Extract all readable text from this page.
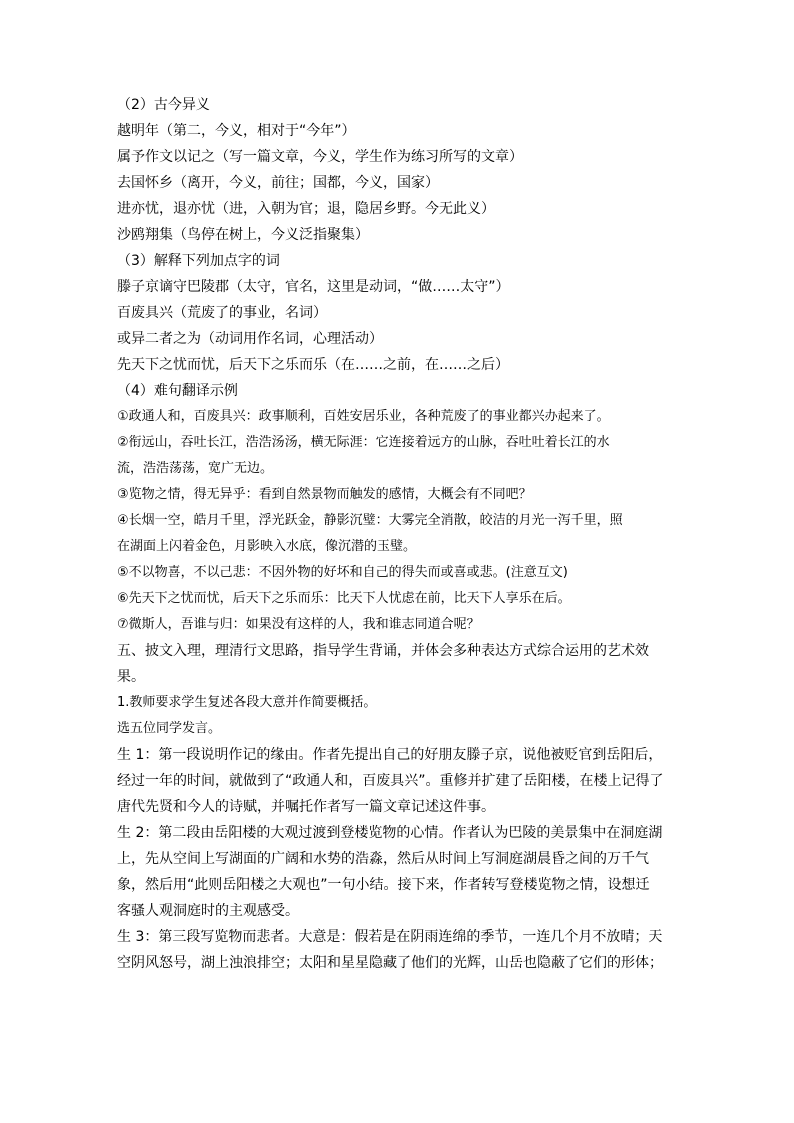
（2）古今异义
越明年（第二，今义，相对于“今年”）
属予作文以记之（写一篇文章，今义，学生作为练习所写的文章）
去国怀乡（离开，今义，前往；国都，今义，国家）
进亦忧，退亦忧（进，入朝为官；退，隐居乡野。今无此义）
沙鸥翔集（鸟停在树上，今义泛指聚集）
（3）解释下列加点字的词
滕子京谪守巴陵郡（太守，官名，这里是动词，“做……太守”）
百废具兴（荒废了的事业，名词）
或异二者之为（动词用作名词，心理活动）
先天下之忧而忧，后天下之乐而乐（在……之前，在……之后）
（4）难句翻译示例
①政通人和，百废具兴：政事顺利，百姓安居乐业，各种荒废了的事业都兴办起来了。
②衔远山，吞吐长江，浩浩汤汤，横无际涯：它连接着远方的山脉，吞吐吐着长江的水
流，浩浩荡荡，宽广无边。
③览物之情，得无异乎：看到自然景物而触发的感情，大概会有不同吧？
④长烟一空，皓月千里，浮光跃金，静影沉璧：大雾完全消散，皎洁的月光一泻千里，照
在湖面上闪着金色，月影映入水底，像沉潜的玉璧。
⑤不以物喜，不以己悲：不因外物的好坏和自己的得失而或喜或悲。(注意互文)
⑥先天下之忧而忧，后天下之乐而乐：比天下人忧虑在前，比天下人享乐在后。
⑦微斯人，吾谁与归：如果没有这样的人，我和谁志同道合呢？
五、披文入理，理清行文思路，指导学生背诵，并体会多种表达方式综合运用的艺术效
果。
1.教师要求学生复述各段大意并作简要概括。
选五位同学发言。
生 1：第一段说明作记的缘由。作者先提出自己的好朋友滕子京，说他被贬官到岳阳后，
经过一年的时间，就做到了“政通人和，百废具兴”。重修并扩建了岳阳楼，在楼上记得了
唐代先贤和今人的诗赋，并嘱托作者写一篇文章记述这件事。
生 2：第二段由岳阳楼的大观过渡到登楼览物的心情。作者认为巴陵的美景集中在洞庭湖
上，先从空间上写湖面的广阔和水势的浩淼，然后从时间上写洞庭湖晨昏之间的万千气
象，然后用“此则岳阳楼之大观也”一句小结。接下来，作者转写登楼览物之情，设想迁
客骚人观洞庭时的主观感受。
生 3：第三段写览物而悲者。大意是：假若是在阴雨连绵的季节，一连几个月不放晴；天
空阴风怒号，湖上浊浪排空；太阳和星星隐藏了他们的光辉，山岳也隐蔽了它们的形体；
